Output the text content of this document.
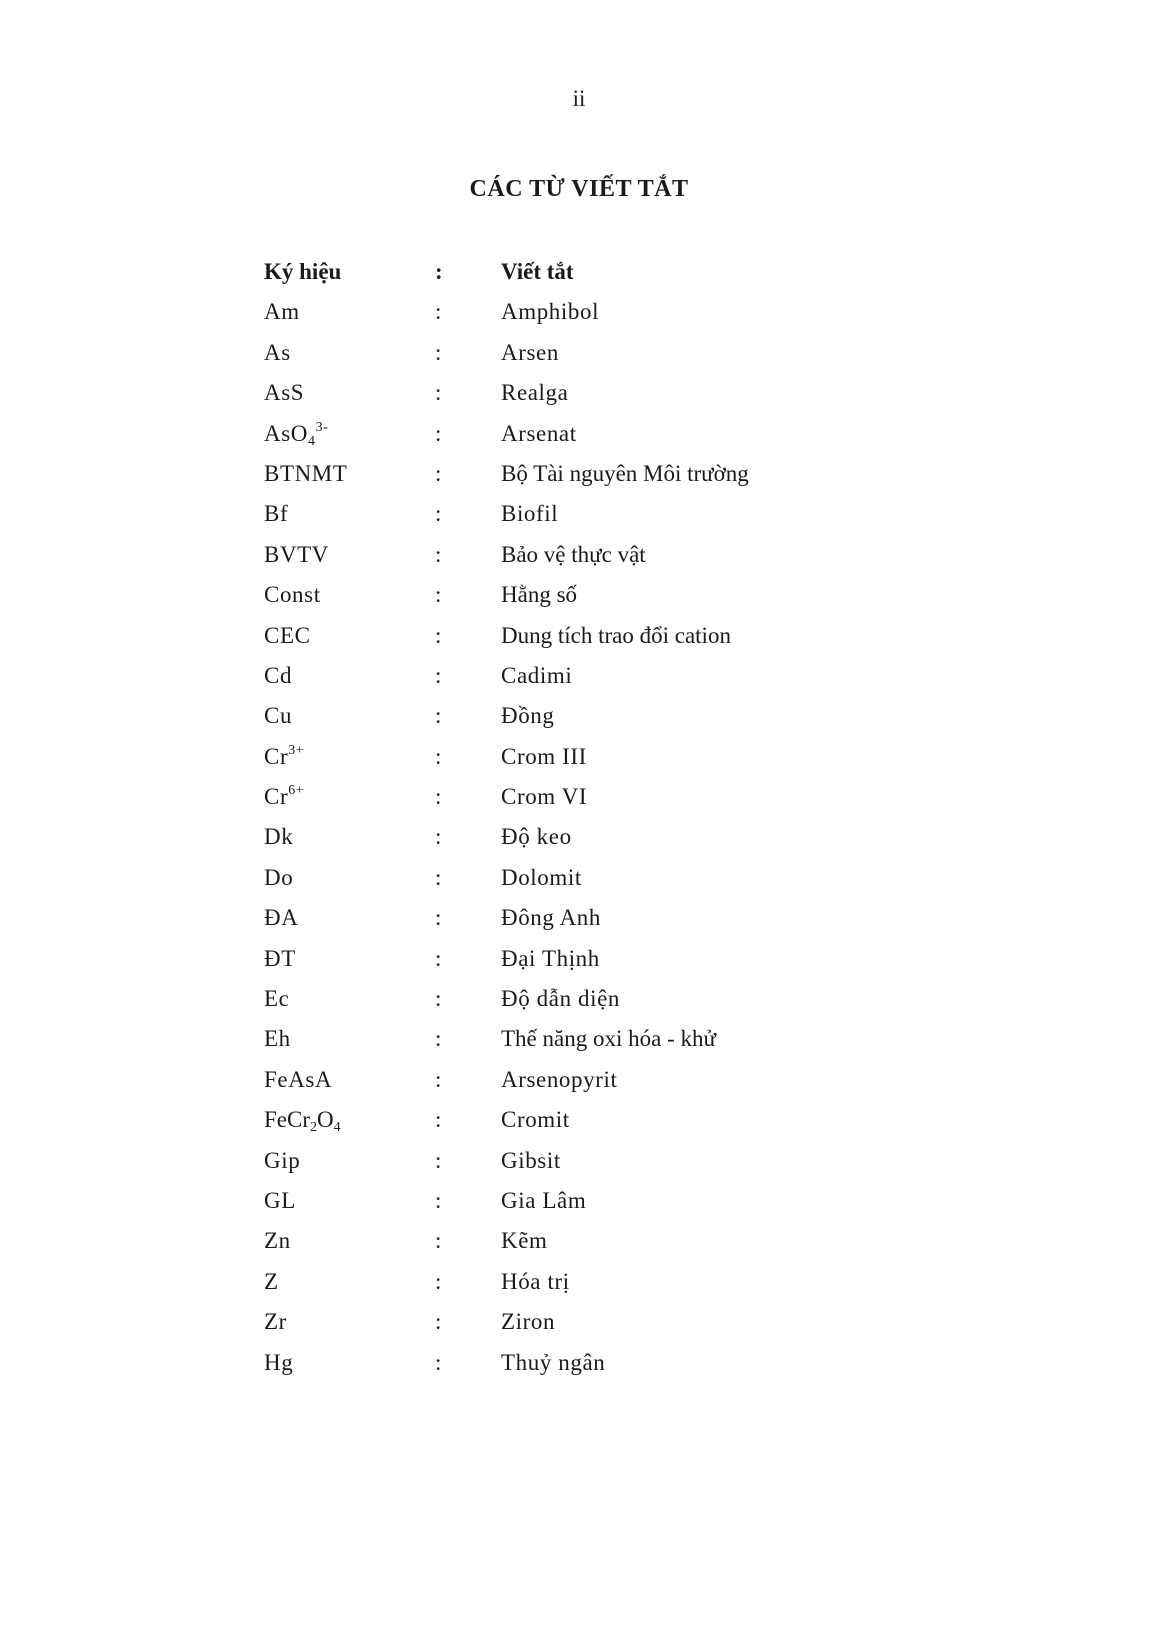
ii
CÁC TỪ VIẾT TẮT
Ký hiệu	:	Viết tắt
Am	:	Amphibol
As	:	Arsen
AsS	:	Realga
AsO$_4^{3-}$	:	Arsenat
BTNMT	:	Bộ Tài nguyên Môi trường
Bf	:	Biofil
BVTV	:	Bảo vệ thực vật
Const	:	Hằng số
CEC	:	Dung tích trao đổi cation
Cd	:	Cadimi
Cu	:	Đồng
$Cr^{3+}$	:	Crom III
$Cr^{6+}$	:	Crom VI
Dk	:	Độ keo
Do	:	Dolomit
ĐA	:	Đông Anh
ĐT	:	Đại Thịnh
Ec	:	Độ dẫn diện
Eh	:	Thế năng oxi hóa - khử
FeAsA	:	Arsenopyrit
$FeCr_2O_4$	:	Cromit
Gip	:	Gibsit
GL	:	Gia Lâm
Zn	:	Kẽm
Z	:	Hóa trị
Zr	:	Ziron
Hg	:	Thuỷ ngân
